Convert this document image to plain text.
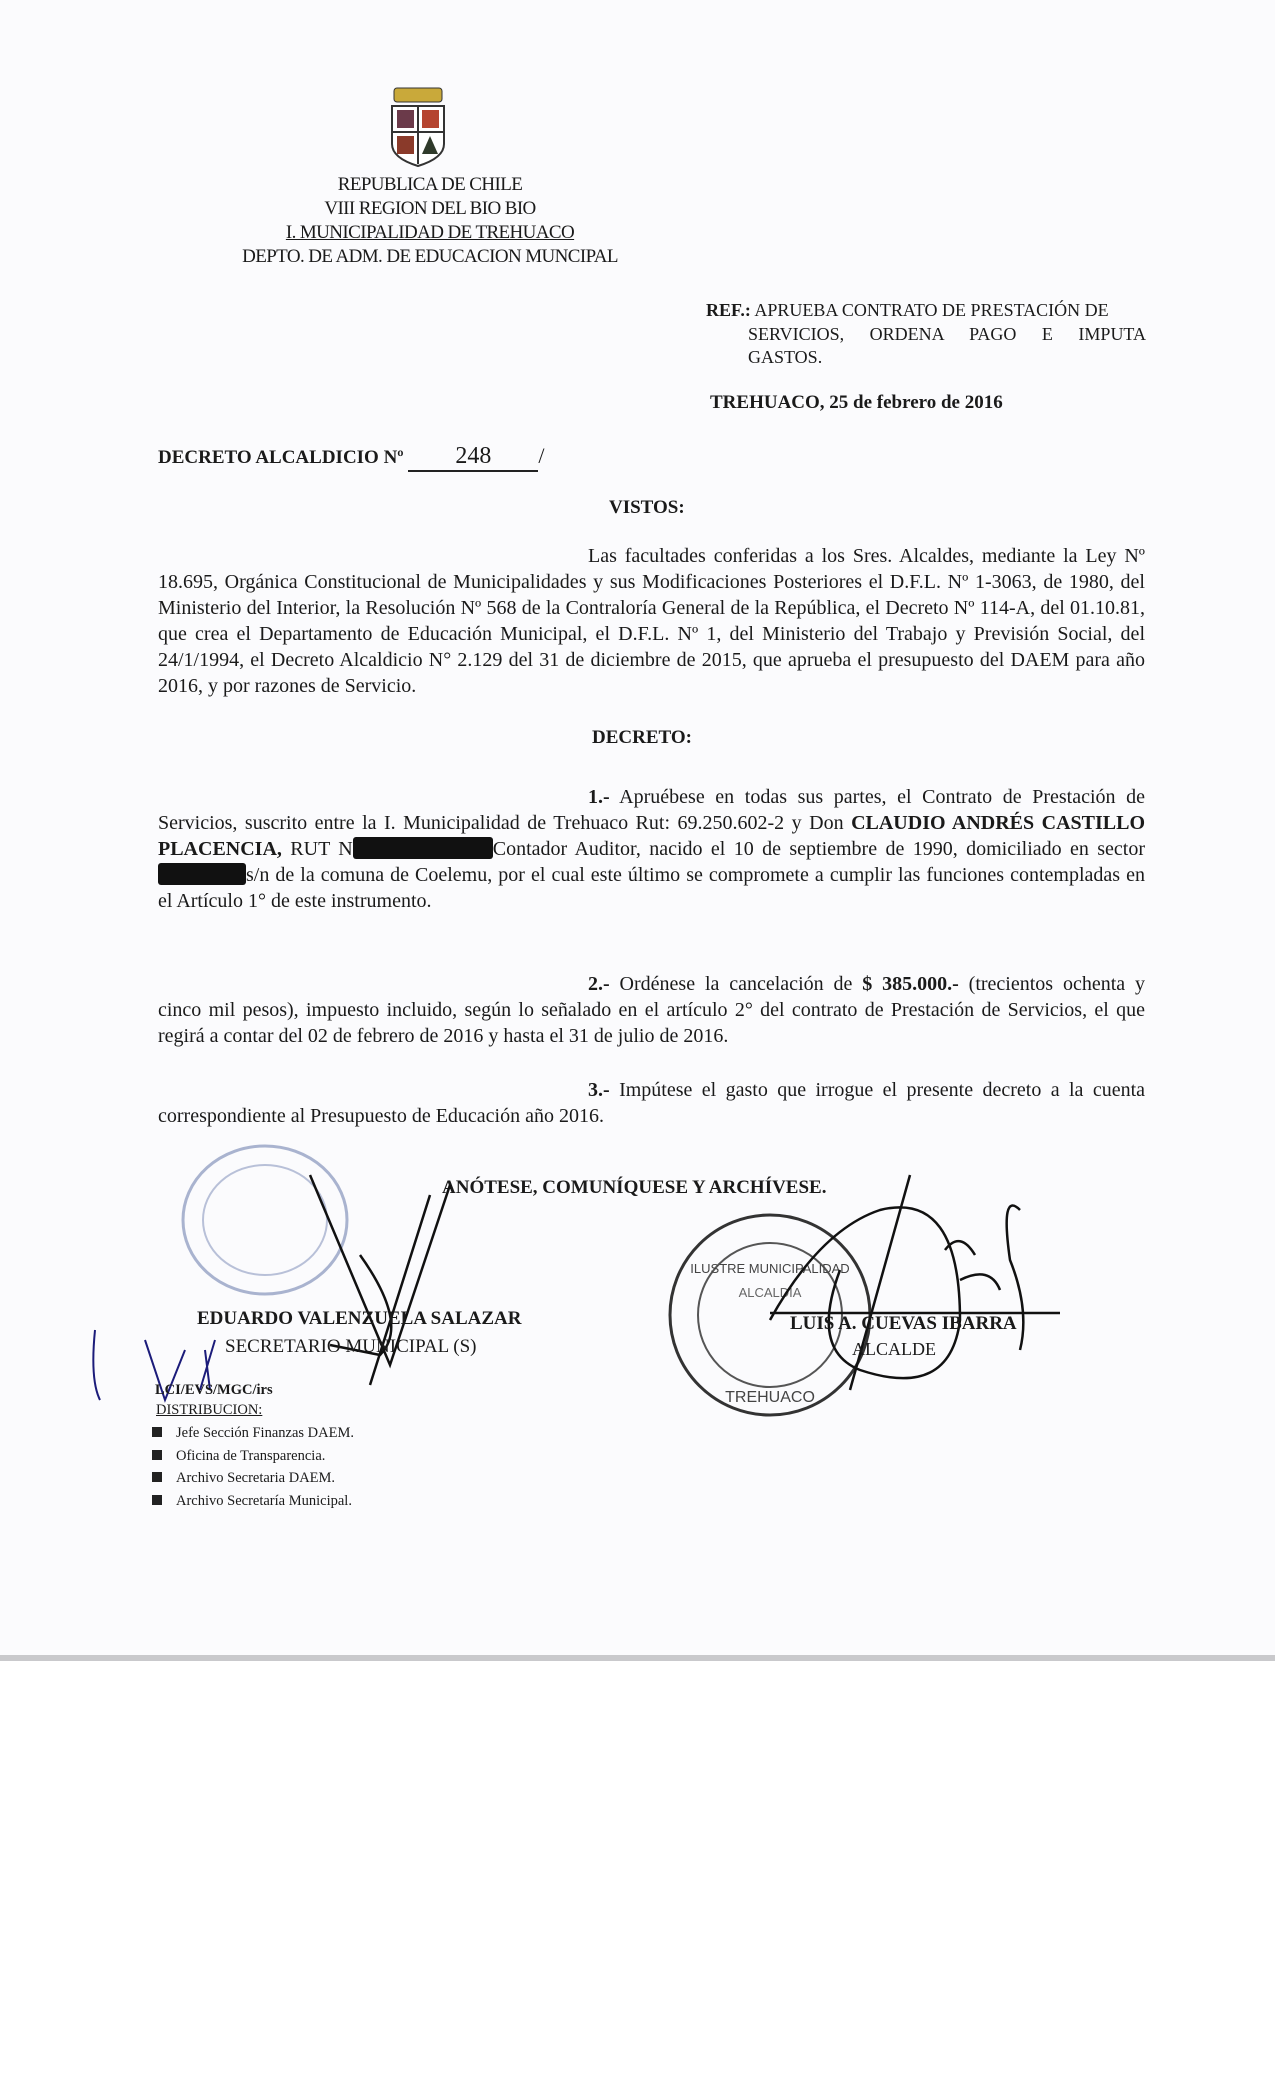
REPUBLICA DE CHILE
VIII REGION DEL BIO BIO
I. MUNICIPALIDAD DE TREHUACO
DEPTO. DE ADM. DE EDUCACION MUNCIPAL
REF.: APRUEBA CONTRATO DE PRESTACIÓN DE
SERVICIOS, ORDENA PAGO E IMPUTA
GASTOS.
TREHUACO, 25 de febrero de 2016
DECRETO ALCALDICIO Nº 248 /
VISTOS:
Las facultades conferidas a los Sres. Alcaldes, mediante la Ley Nº 18.695, Orgánica Constitucional de Municipalidades y sus Modificaciones Posteriores el D.F.L. Nº 1-3063, de 1980, del Ministerio del Interior, la Resolución Nº 568 de la Contraloría General de la República, el Decreto Nº 114-A, del 01.10.81, que crea el Departamento de Educación Municipal, el D.F.L. Nº 1, del Ministerio del Trabajo y Previsión Social, del 24/1/1994, el Decreto Alcaldicio N° 2.129 del 31 de diciembre de 2015, que aprueba el presupuesto del DAEM para año 2016, y por razones de Servicio.
DECRETO:
1.- Apruébese en todas sus partes, el Contrato de Prestación de Servicios, suscrito entre la I. Municipalidad de Trehuaco Rut: 69.250.602-2 y Don CLAUDIO ANDRÉS CASTILLO PLACENCIA, RUT N	Contador Auditor, nacido el 10 de septiembre de 1990, domiciliado en sectors/n de la comuna de Coelemu, por el cual este último se compromete a cumplir las funciones contempladas en el Artículo 1° de este instrumento.
2.- Ordénese la cancelación de $ 385.000.- (trecientos ochenta y cinco mil pesos), impuesto incluido, según lo señalado en el artículo 2° del contrato de Prestación de Servicios, el que regirá a contar del 02 de febrero de 2016 y hasta el 31 de julio de 2016.
3.- Impútese el gasto que irrogue el presente decreto a la cuenta correspondiente al Presupuesto de Educación año 2016.
ANÓTESE, COMUNÍQUESE Y ARCHÍVESE.
EDUARDO VALENZUELA SALAZAR
SECRETARIO MUNICIPAL (S)
ILUSTRE MUNICIPALIDAD
ALCALDIA
TREHUACO
LUIS A. CUEVAS IBARRA
ALCALDE
LCI/EVS/MGC/irs
DISTRIBUCION:
Jefe Sección Finanzas DAEM.
Oficina de Transparencia.
Archivo Secretaria DAEM.
Archivo Secretaría Municipal.
